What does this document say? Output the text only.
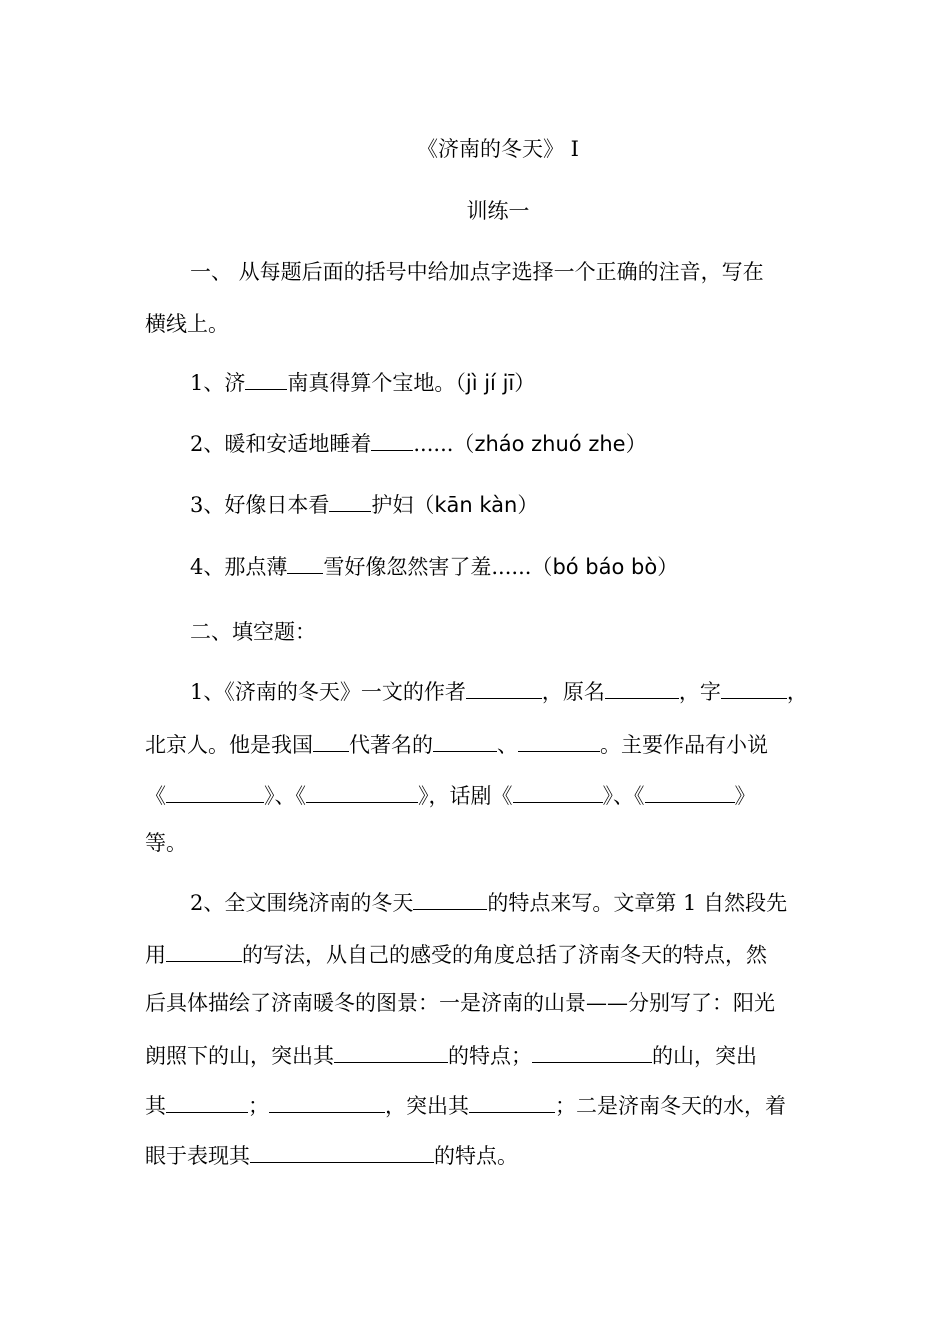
《济南的冬天》 Ⅰ
训练一
一、 从每题后面的括号中给加点字选择一个正确的注音，写在
横线上。
1、济 南真得算个宝地。（jì jí jī）
2、暖和安适地睡着 ......（zháo zhuó zhe）
3、好像日本看 护妇（kān kàn）
4、那点薄 雪好像忽然害了羞......（bó báo bò）
二、填空题：
1、《济南的冬天》一文的作者	，原名	，字	，
北京人。他是我国 代著名的	、	。主要作品有小说
《	》、《	》，话剧《	》、《	》
等。
2、全文围绕济南的冬天	的特点来写。文章第 1 自然段先
用	的写法，从自己的感受的角度总括了济南冬天的特点，然
后具体描绘了济南暖冬的图景：一是济南的山景——分别写了：阳光
朗照下的山，突出其	的特点；	的山，突出
其	；	，突出其	；二是济南冬天的水，着
眼于表现其	的特点。
